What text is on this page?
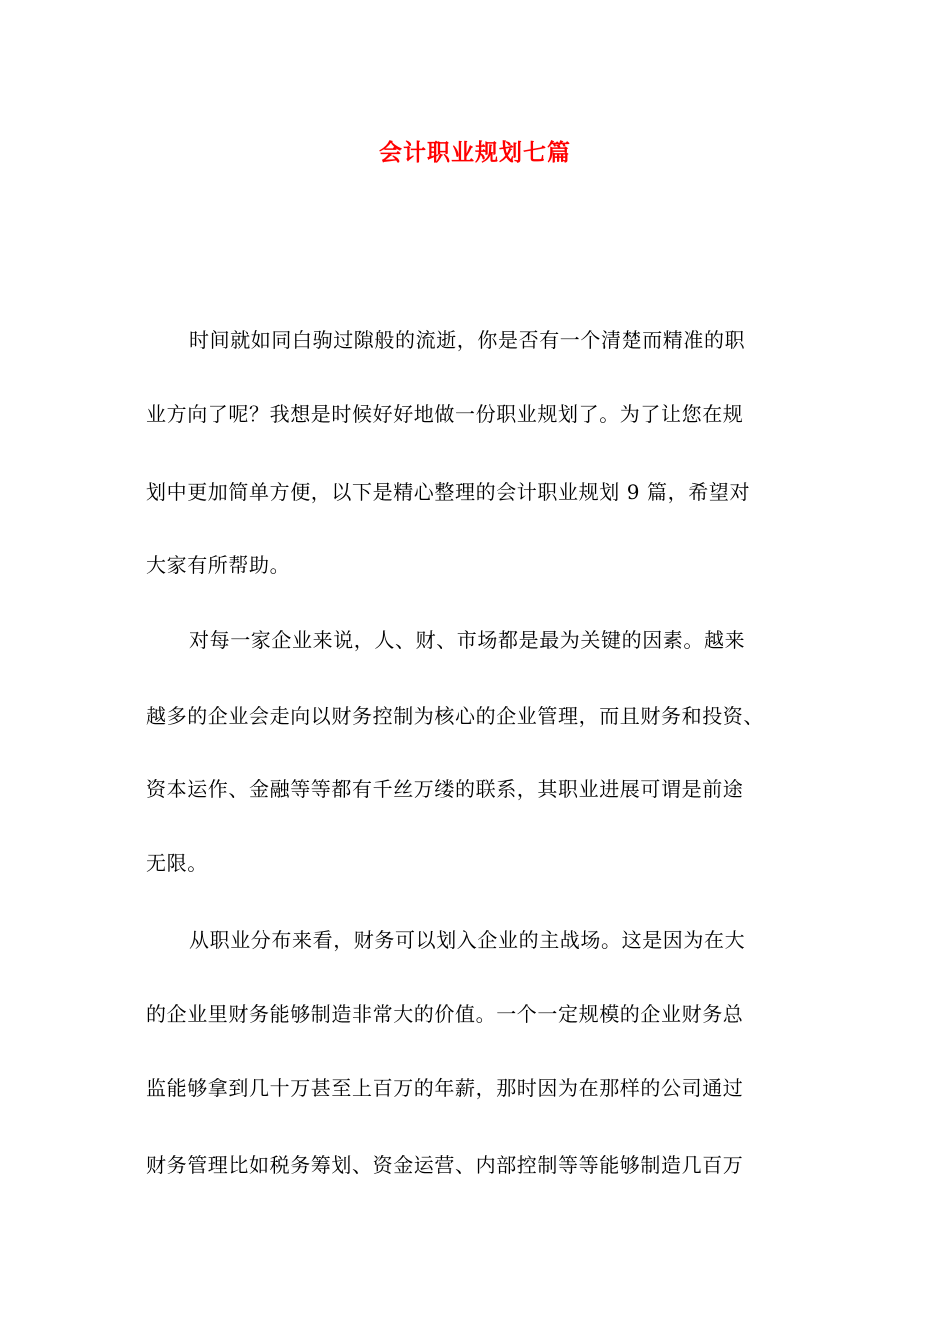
会计职业规划七篇
时间就如同白驹过隙般的流逝，你是否有一个清楚而精准的职
业方向了呢？我想是时候好好地做一份职业规划了。为了让您在规
划中更加简单方便，以下是精心整理的会计职业规划 9 篇，希望对
大家有所帮助。
对每一家企业来说，人、财、市场都是最为关键的因素。越来
越多的企业会走向以财务控制为核心的企业管理，而且财务和投资、
资本运作、金融等等都有千丝万缕的联系，其职业进展可谓是前途
无限。
从职业分布来看，财务可以划入企业的主战场。这是因为在大
的企业里财务能够制造非常大的价值。一个一定规模的企业财务总
监能够拿到几十万甚至上百万的年薪，那时因为在那样的公司通过
财务管理比如税务筹划、资金运营、内部控制等等能够制造几百万
